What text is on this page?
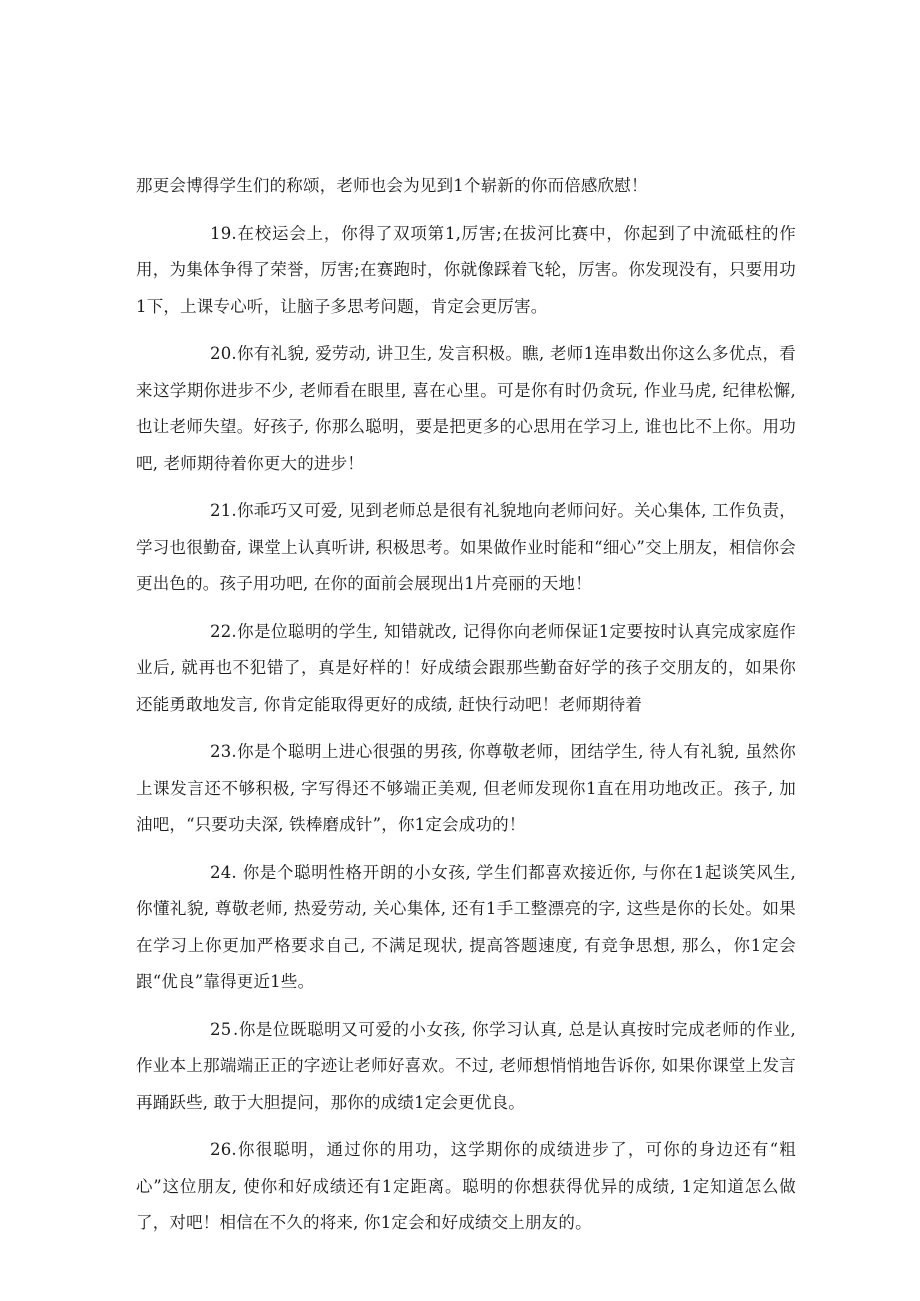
那更会博得学生们的称颂，老师也会为见到1个崭新的你而倍感欣慰！

19.在校运会上，你得了双项第1,厉害;在拔河比赛中，你起到了中流砥柱的作用，为集体争得了荣誉，厉害;在赛跑时，你就像踩着飞轮，厉害。你发现没有，只要用功1下，上课专心听，让脑子多思考问题，肯定会更厉害。

20.你有礼貌, 爱劳动, 讲卫生, 发言积极。瞧, 老师1连串数出你这么多优点，看来这学期你进步不少, 老师看在眼里, 喜在心里。可是你有时仍贪玩, 作业马虎, 纪律松懈, 也让老师失望。好孩子, 你那么聪明，要是把更多的心思用在学习上, 谁也比不上你。用功吧, 老师期待着你更大的进步！

21.你乖巧又可爱, 见到老师总是很有礼貌地向老师问好。关心集体, 工作负责，学习也很勤奋, 课堂上认真听讲, 积极思考。如果做作业时能和“细心”交上朋友，相信你会更出色的。孩子用功吧, 在你的面前会展现出1片亮丽的天地！

22.你是位聪明的学生, 知错就改, 记得你向老师保证1定要按时认真完成家庭作业后, 就再也不犯错了，真是好样的！好成绩会跟那些勤奋好学的孩子交朋友的，如果你还能勇敢地发言, 你肯定能取得更好的成绩, 赶快行动吧！老师期待着

23.你是个聪明上进心很强的男孩, 你尊敬老师，团结学生, 待人有礼貌, 虽然你上课发言还不够积极, 字写得还不够端正美观, 但老师发现你1直在用功地改正。孩子, 加油吧，“只要功夫深, 铁棒磨成针”，你1定会成功的！

24. 你是个聪明性格开朗的小女孩, 学生们都喜欢接近你, 与你在1起谈笑风生, 你懂礼貌, 尊敬老师, 热爱劳动, 关心集体, 还有1手工整漂亮的字, 这些是你的长处。如果在学习上你更加严格要求自己, 不满足现状, 提高答题速度, 有竞争思想, 那么，你1定会跟“优良”靠得更近1些。

25.你是位既聪明又可爱的小女孩, 你学习认真, 总是认真按时完成老师的作业, 作业本上那端端正正的字迹让老师好喜欢。不过, 老师想悄悄地告诉你, 如果你课堂上发言再踊跃些, 敢于大胆提问，那你的成绩1定会更优良。

26.你很聪明，通过你的用功，这学期你的成绩进步了，可你的身边还有“粗心”这位朋友, 使你和好成绩还有1定距离。聪明的你想获得优异的成绩, 1定知道怎么做了，对吧！相信在不久的将来, 你1定会和好成绩交上朋友的。
